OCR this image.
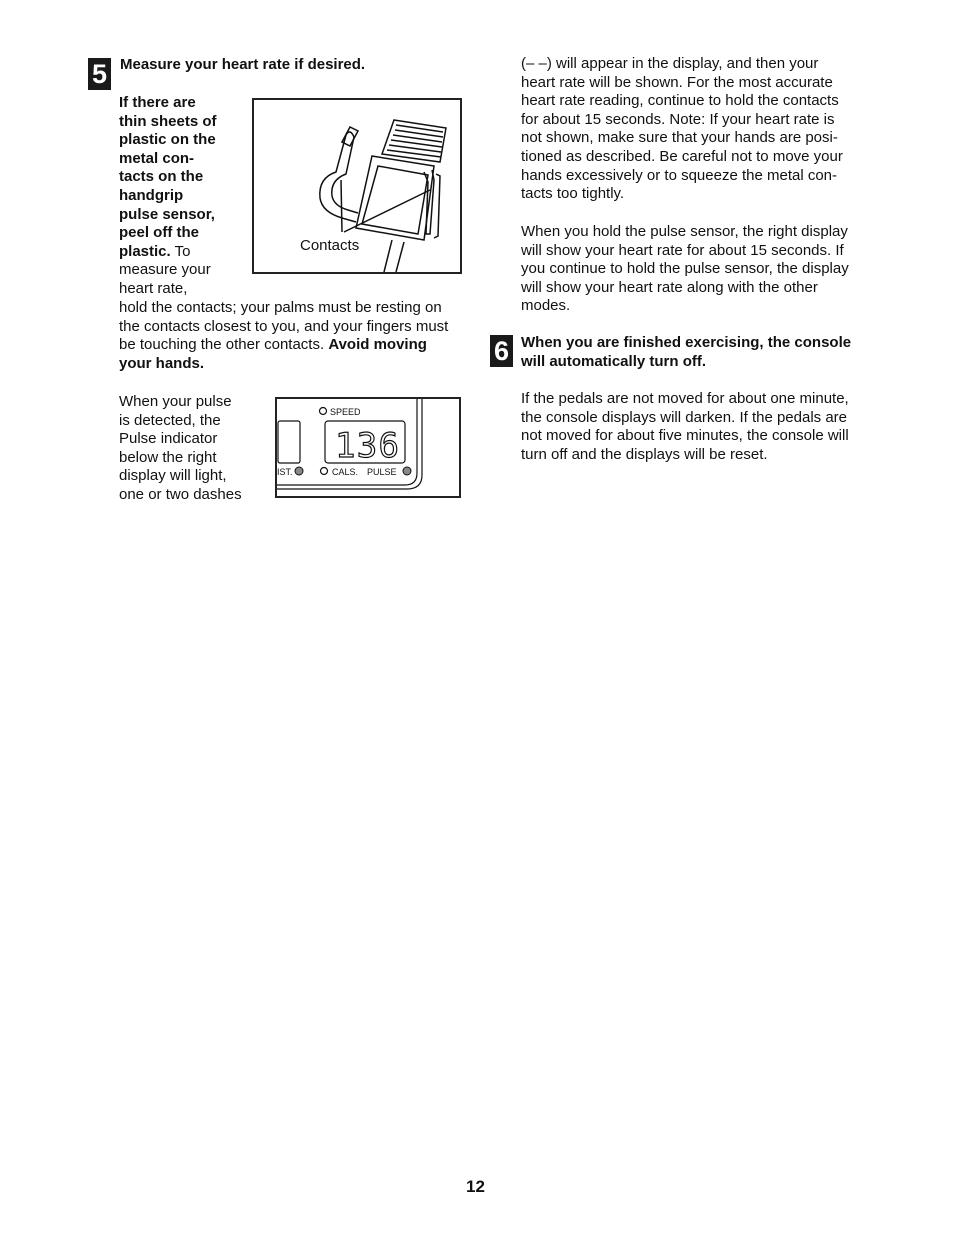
5 Measure your heart rate if desired.
If there are
thin sheets of
plastic on the
metal con-
tacts on the
handgrip
pulse sensor,
peel off the
plastic. To
measure your
heart rate,
Contacts
hold the contacts; your palms must be resting on
the contacts closest to you, and your fingers must
be touching the other contacts. Avoid moving
your hands.
When your pulse
is detected, the
Pulse indicator
below the right
display will light,
one or two dashes
SPEED
IST.	CALS. PULSE
136
(– –) will appear in the display, and then your
heart rate will be shown. For the most accurate
heart rate reading, continue to hold the contacts
for about 15 seconds. Note: If your heart rate is
not shown, make sure that your hands are posi-
tioned as described. Be careful not to move your
hands excessively or to squeeze the metal con-
tacts too tightly.
When you hold the pulse sensor, the right display
will show your heart rate for about 15 seconds. If
you continue to hold the pulse sensor, the display
will show your heart rate along with the other
modes.
6 When you are finished exercising, the console
will automatically turn off.
If the pedals are not moved for about one minute,
the console displays will darken. If the pedals are
not moved for about five minutes, the console will
turn off and the displays will be reset.
12
